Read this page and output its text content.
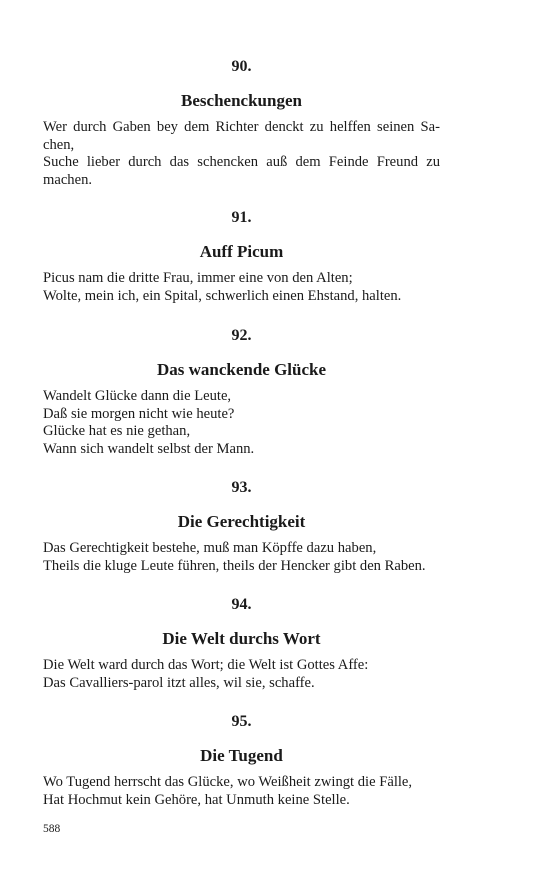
90.

Beschenckungen
Wer durch Gaben bey dem Richter denckt zu helffen seinen Sa-
chen,
Suche lieber durch das schencken auß dem Feinde Freund zu
machen.

91.

Auff Picum
Picus nam die dritte Frau, immer eine von den Alten;
Wolte, mein ich, ein Spital, schwerlich einen Ehstand, halten.

92.

Das wanckende Glücke
Wandelt Glücke dann die Leute,
Daß sie morgen nicht wie heute?
Glücke hat es nie gethan,
Wann sich wandelt selbst der Mann.

93.

Die Gerechtigkeit
Das Gerechtigkeit bestehe, muß man Köpffe dazu haben,
Theils die kluge Leute führen, theils der Hencker gibt den Raben.

94.

Die Welt durchs Wort
Die Welt ward durch das Wort; die Welt ist Gottes Affe:
Das Cavalliers-parol itzt alles, wil sie, schaffe.

95.

Die Tugend
Wo Tugend herrscht das Glücke, wo Weißheit zwingt die Fälle,
Hat Hochmut kein Gehöre, hat Unmuth keine Stelle.
588
